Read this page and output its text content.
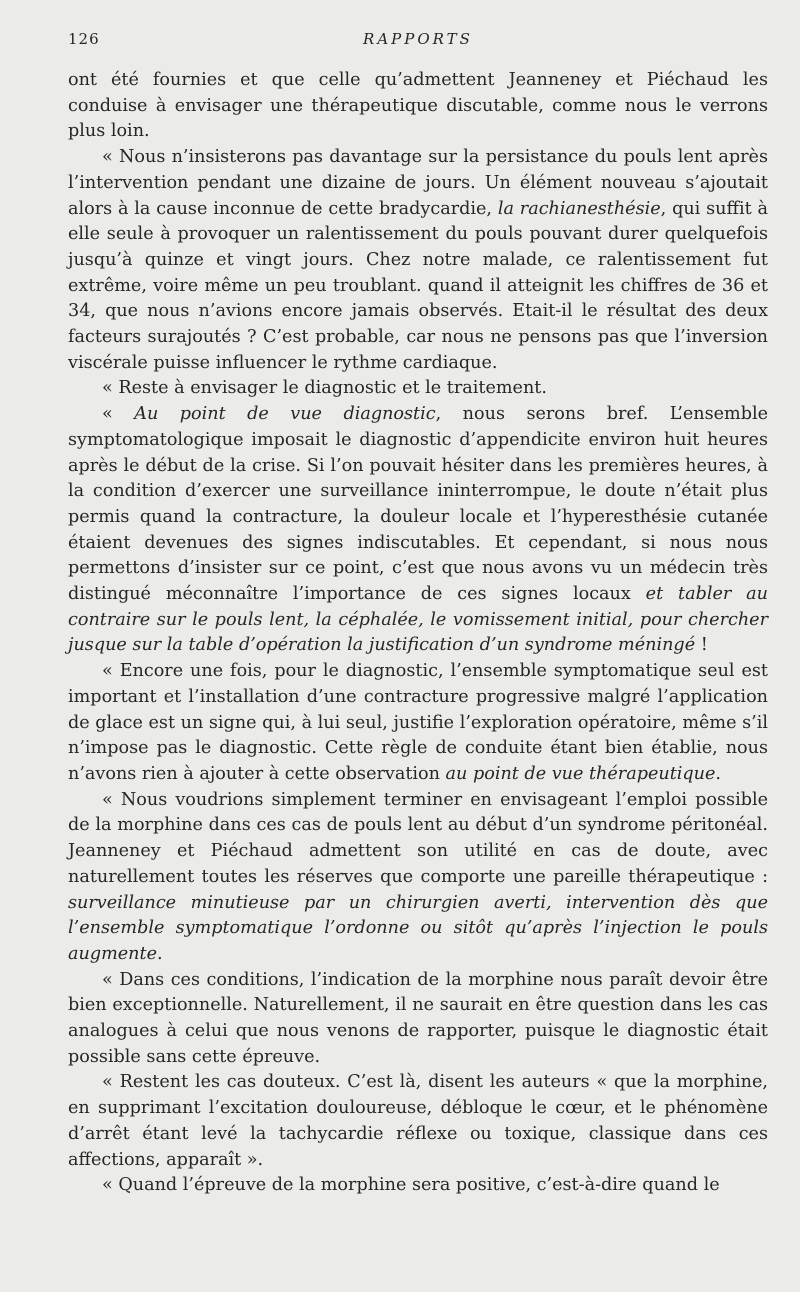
126	RAPPORTS

ont été fournies et que celle qu’admettent Jeanneney et Piéchaud les conduise à envisager une thérapeutique discutable, comme nous le verrons plus loin.

« Nous n’insisterons pas davantage sur la persistance du pouls lent après l’intervention pendant une dizaine de jours. Un élément nouveau s’ajoutait alors à la cause inconnue de cette bradycardie, la rachianesthésie, qui suffit à elle seule à provoquer un ralentissement du pouls pouvant durer quelquefois jusqu’à quinze et vingt jours. Chez notre malade, ce ralentissement fut extrême, voire même un peu troublant. quand il atteignit les chiffres de 36 et 34, que nous n’avions encore jamais observés. Etait-il le résultat des deux facteurs surajoutés ? C’est probable, car nous ne pensons pas que l’inversion viscérale puisse influencer le rythme cardiaque.

« Reste à envisager le diagnostic et le traitement.

« Au point de vue diagnostic, nous serons bref. L’ensemble symptomatologique imposait le diagnostic d’appendicite environ huit heures après le début de la crise. Si l’on pouvait hésiter dans les premières heures, à la condition d’exercer une surveillance ininterrompue, le doute n’était plus permis quand la contracture, la douleur locale et l’hyperesthésie cutanée étaient devenues des signes indiscutables. Et cependant, si nous nous permettons d’insister sur ce point, c’est que nous avons vu un médecin très distingué méconnaître l’importance de ces signes locaux et tabler au contraire sur le pouls lent, la céphalée, le vomissement initial, pour chercher jusque sur la table d’opération la justification d’un syndrome méningé !

« Encore une fois, pour le diagnostic, l’ensemble symptomatique seul est important et l’installation d’une contracture progressive malgré l’application de glace est un signe qui, à lui seul, justifie l’exploration opératoire, même s’il n’impose pas le diagnostic. Cette règle de conduite étant bien établie, nous n’avons rien à ajouter à cette observation au point de vue thérapeutique.

« Nous voudrions simplement terminer en envisageant l’emploi possible de la morphine dans ces cas de pouls lent au début d’un syndrome péritonéal. Jeanneney et Piéchaud admettent son utilité en cas de doute, avec naturellement toutes les réserves que comporte une pareille thérapeutique : surveillance minutieuse par un chirurgien averti, intervention dès que l’ensemble symptomatique l’ordonne ou sitôt qu’après l’injection le pouls augmente.

« Dans ces conditions, l’indication de la morphine nous paraît devoir être bien exceptionnelle. Naturellement, il ne saurait en être question dans les cas analogues à celui que nous venons de rapporter, puisque le diagnostic était possible sans cette épreuve.

« Restent les cas douteux. C’est là, disent les auteurs « que la morphine, en supprimant l’excitation douloureuse, débloque le cœur, et le phénomène d’arrêt étant levé la tachycardie réflexe ou toxique, classique dans ces affections, apparaît ».

« Quand l’épreuve de la morphine sera positive, c’est-à-dire quand le
